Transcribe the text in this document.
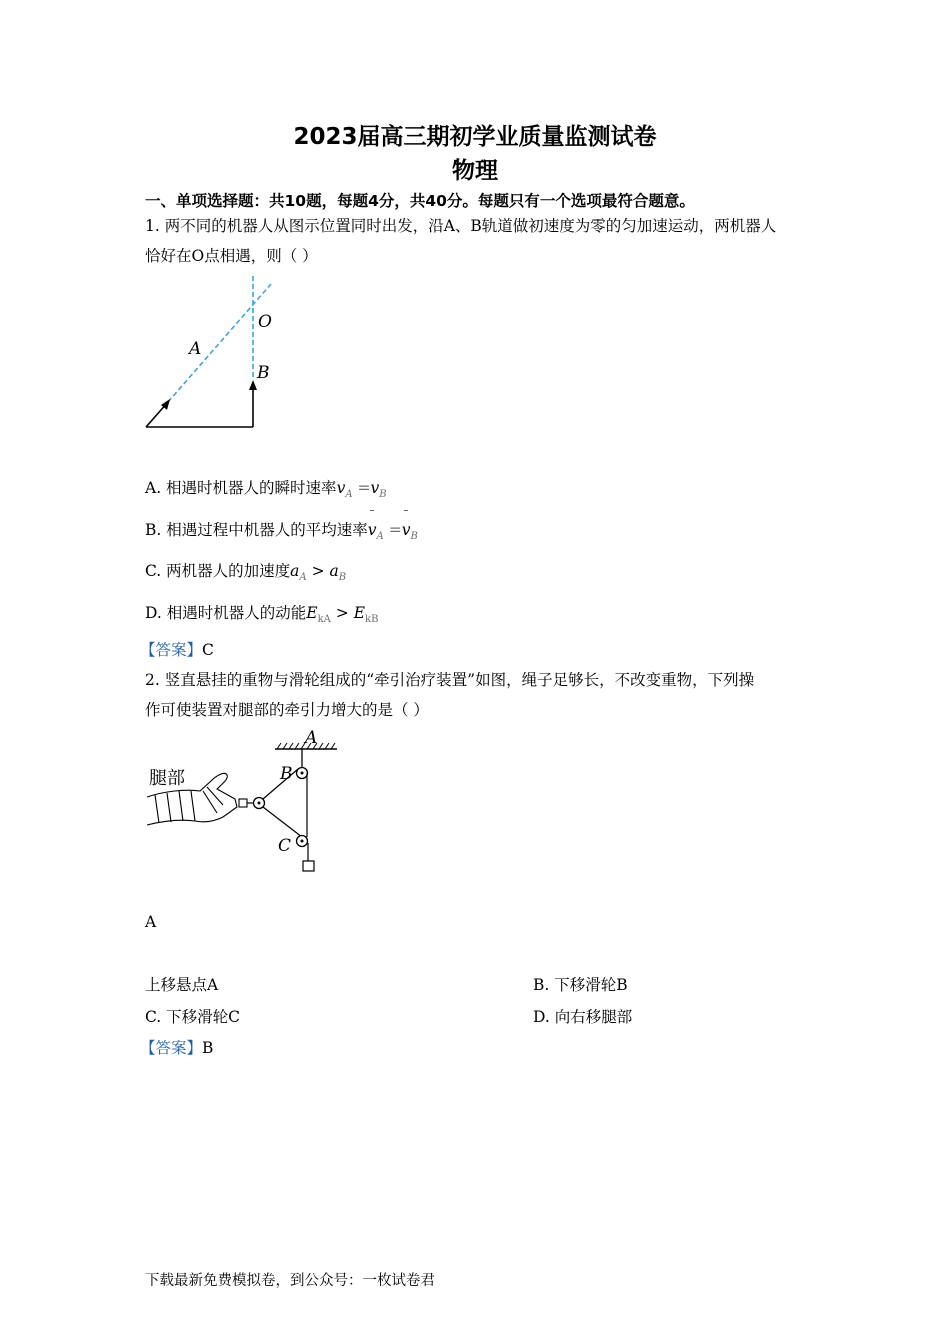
2023届高三期初学业质量监测试卷
物理
一、单项选择题：共10题，每题4分，共40分。每题只有一个选项最符合题意。
1. 两不同的机器人从图示位置同时出发，沿A、B轨道做初速度为零的匀加速运动，两机器人
恰好在O点相遇，则（ ）
O
A
B
A. 相遇时机器人的瞬时速率$v_A =v_B$
B. 相遇过程中机器人的平均速率¯ $v_A$ =¯ $v_B$
C. 两机器人的加速度$a_A > a_B$
D. 相遇时机器人的动能$E_{kA} > E_{kB}$
【答案】C
2. 竖直悬挂的重物与滑轮组成的“牵引治疗装置”如图，绳子足够长，不改变重物，下列操
作可使装置对腿部的牵引力增大的是（ ）
A
B
C
腿部
A
上移悬点A	B. 下移滑轮B
C. 下移滑轮C	D. 向右移腿部
【答案】B
下载最新免费模拟卷，到公众号：一枚试卷君
